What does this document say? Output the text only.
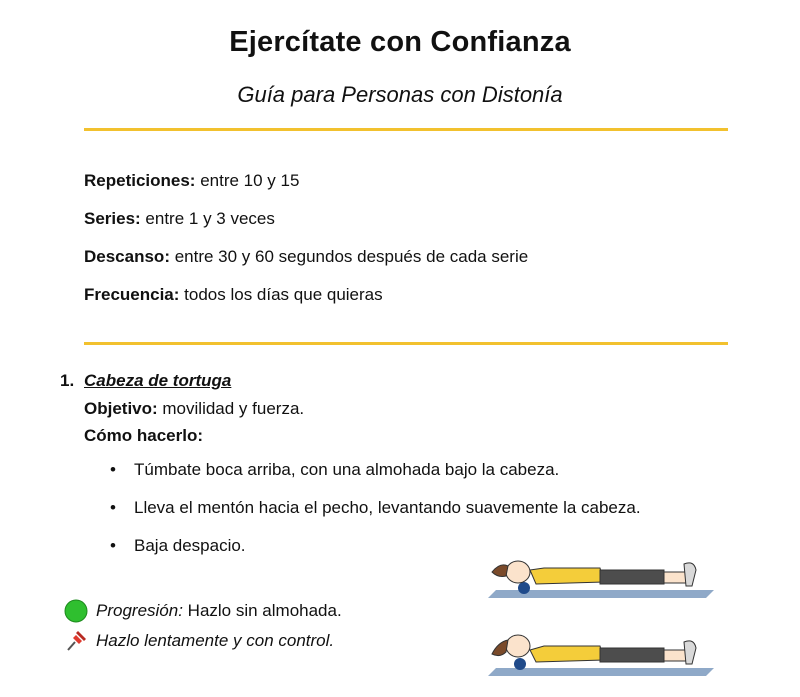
Ejercítate con Confianza
Guía para Personas con Distonía
Repeticiones: entre 10 y 15
Series: entre 1 y 3 veces
Descanso: entre 30 y 60 segundos después de cada serie
Frecuencia: todos los días que quieras
1. Cabeza de tortuga
Objetivo: movilidad y fuerza.
Cómo hacerlo:
• Túmbate boca arriba, con una almohada bajo la cabeza.
• Lleva el mentón hacia el pecho, levantando suavemente la cabeza.
• Baja despacio.
Progresión: Hazlo sin almohada.
Hazlo lentamente y con control.
